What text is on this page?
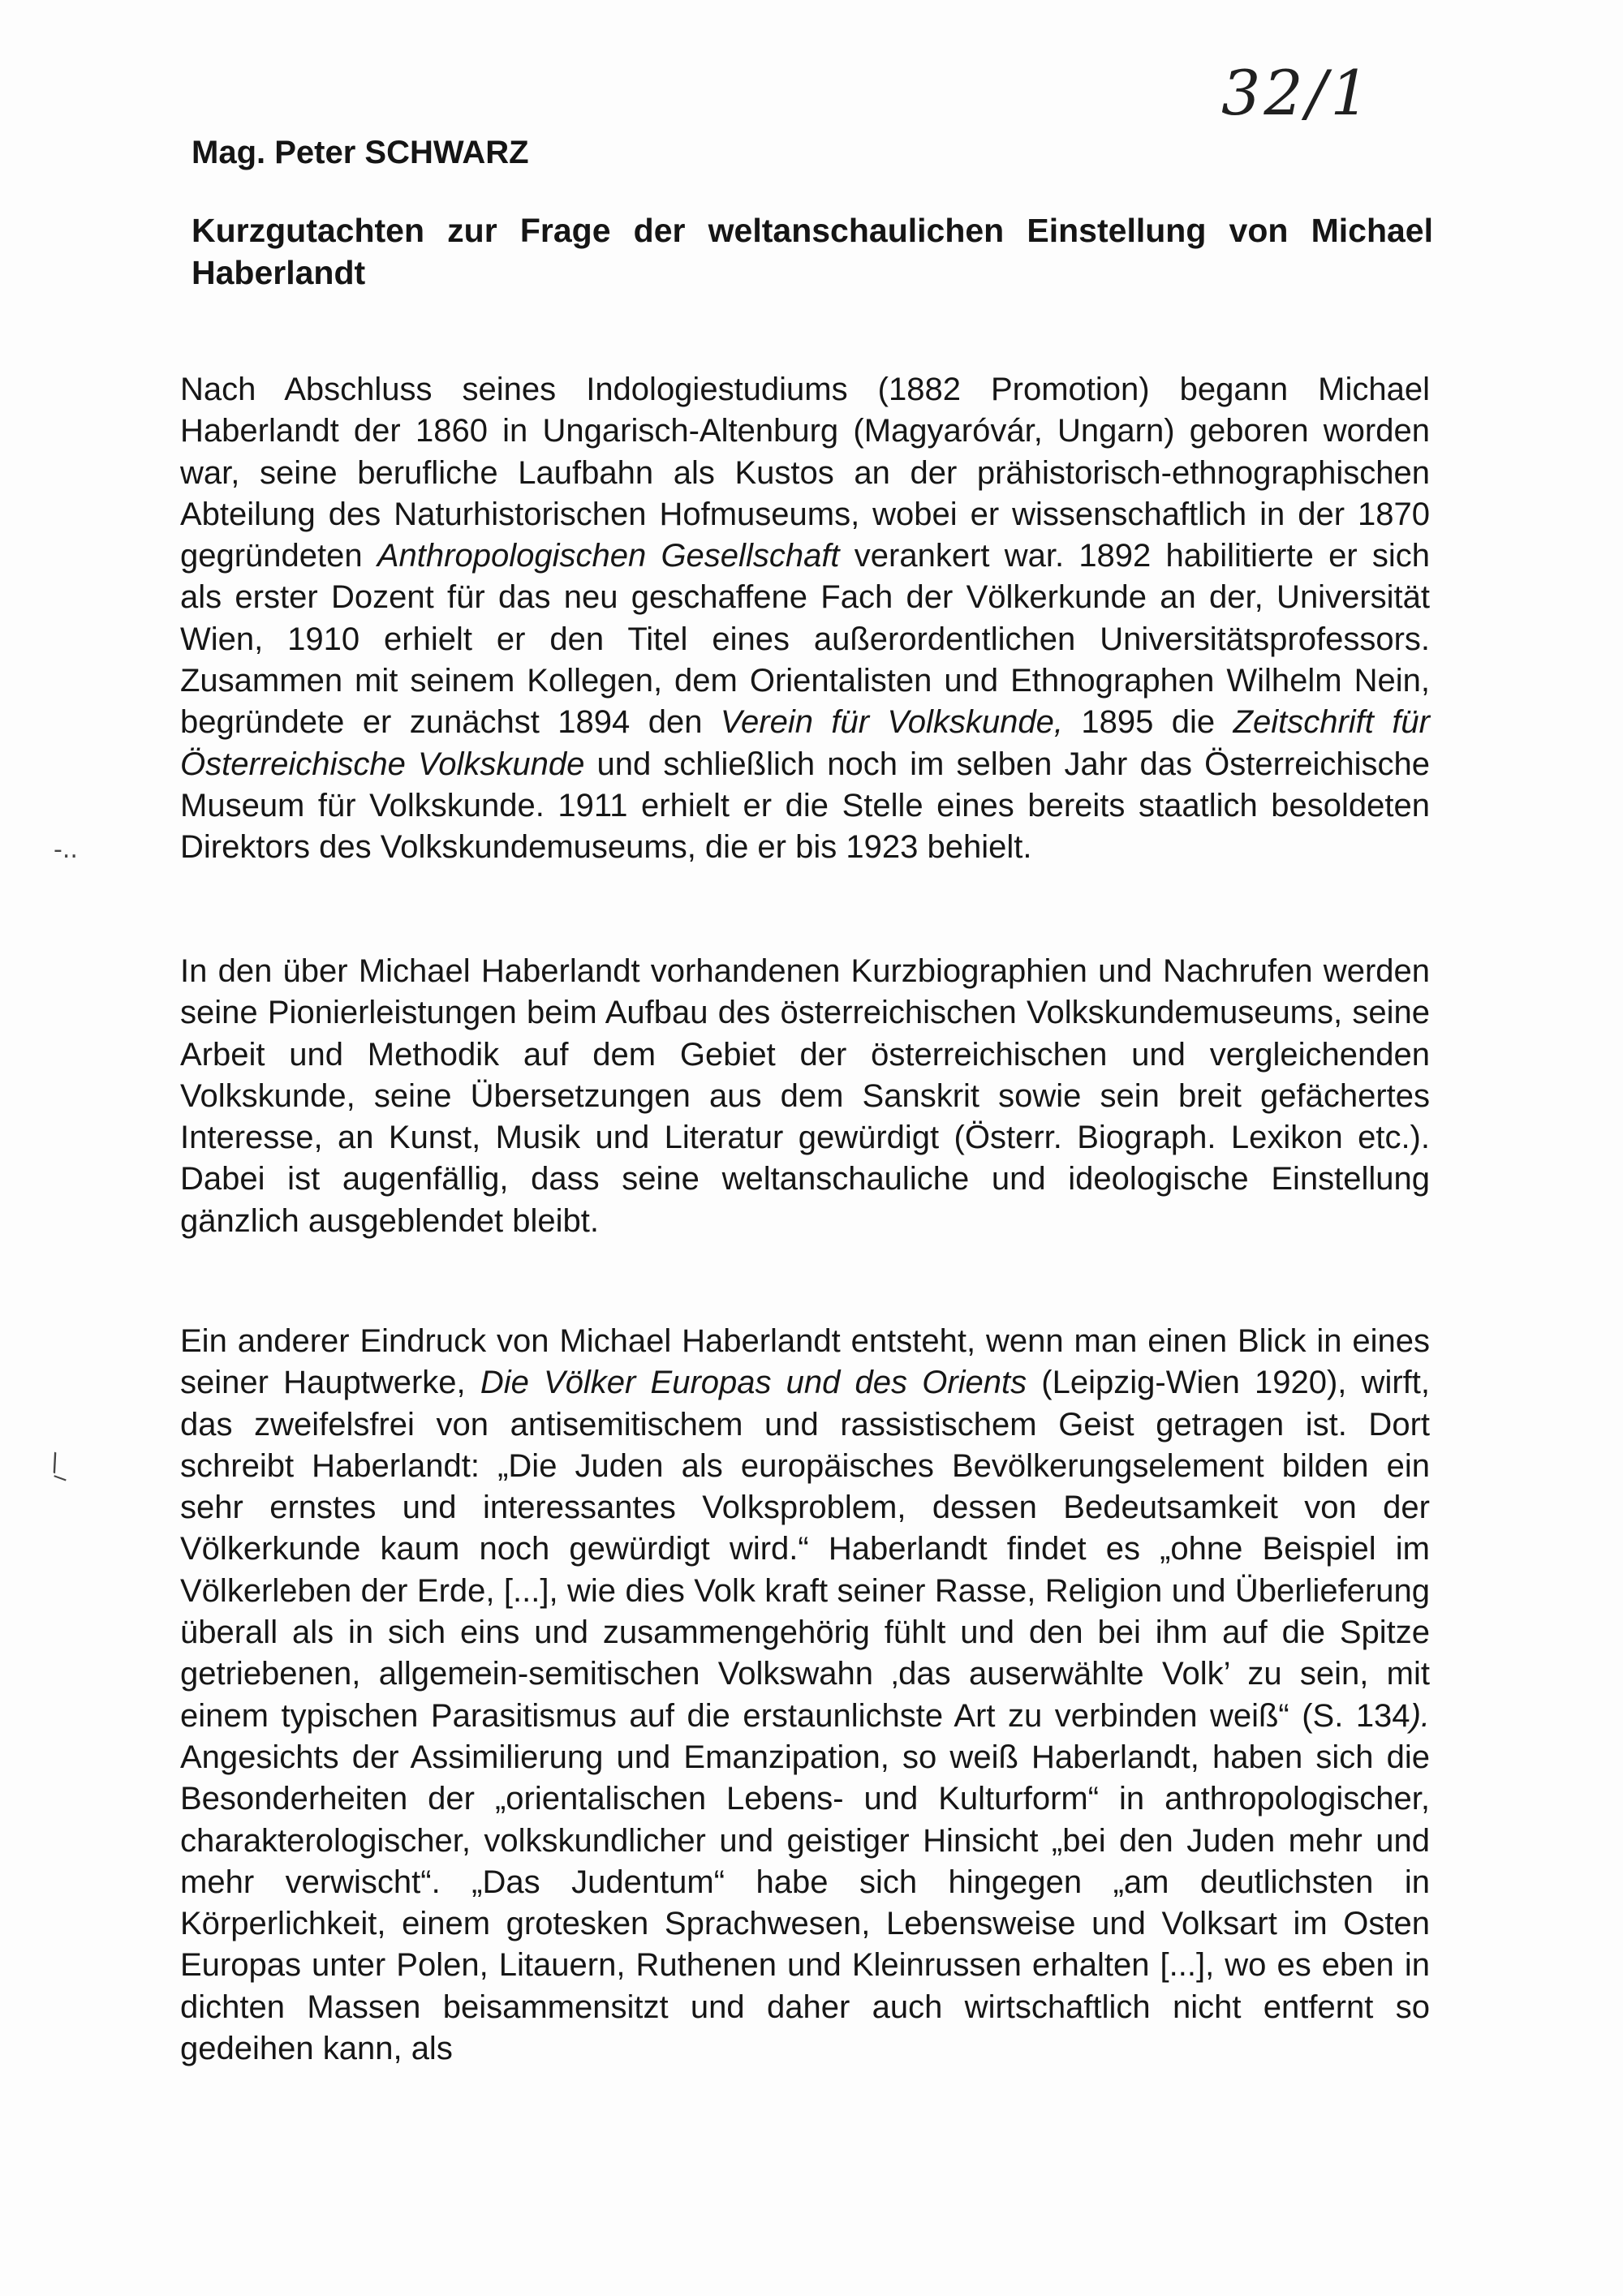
32/1
Mag. Peter SCHWARZ
Kurzgutachten zur Frage der weltanschaulichen Einstellung von Michael Haberlandt
-..
\_

Nach Abschluss seines Indologiestudiums (1882 Promotion) begann Michael Haberlandt der 1860 in Ungarisch-Altenburg (Magyaróvár, Ungarn) geboren worden war, seine berufliche Laufbahn als Kustos an der prähistorisch-ethnographischen Abteilung des Naturhistorischen Hofmuseums, wobei er wissenschaftlich in der 1870 gegründeten Anthropologischen Gesellschaft verankert war. 1892 habilitierte er sich als erster Dozent für das neu geschaffene Fach der Völkerkunde an der, Universität Wien, 1910 erhielt er den Titel eines außerordentlichen Universitätsprofessors. Zusammen mit seinem Kollegen, dem Orientalisten und Ethnographen Wilhelm Nein, begründete er zunächst 1894 den Verein für Volkskunde, 1895 die Zeitschrift für Österreichische Volkskunde und schließlich noch im selben Jahr das Österreichische Museum für Volkskunde. 1911 erhielt er die Stelle eines bereits staatlich besoldeten Direktors des Volkskundemuseums, die er bis 1923 behielt.

In den über Michael Haberlandt vorhandenen Kurzbiographien und Nachrufen werden seine Pionierleistungen beim Aufbau des österreichischen Volkskundemuseums, seine Arbeit und Methodik auf dem Gebiet der österreichischen und vergleichenden Volkskunde, seine Übersetzungen aus dem Sanskrit sowie sein breit gefächertes Interesse, an Kunst, Musik und Literatur gewürdigt (Österr. Biograph. Lexikon etc.). Dabei ist augenfällig, dass seine weltanschauliche und ideologische Einstellung gänzlich ausgeblendet bleibt.

Ein anderer Eindruck von Michael Haberlandt entsteht, wenn man einen Blick in eines seiner Hauptwerke, Die Völker Europas und des Orients (Leipzig-Wien 1920), wirft, das zweifelsfrei von antisemitischem und rassistischem Geist getragen ist. Dort schreibt Haberlandt: „Die Juden als europäisches Bevölkerungselement bilden ein sehr ernstes und interessantes Volksproblem, dessen Bedeutsamkeit von der Völkerkunde kaum noch gewürdigt wird.“ Haberlandt findet es „ohne Beispiel im Völkerleben der Erde, [...], wie dies Volk kraft seiner Rasse, Religion und Überlieferung überall als in sich eins und zusammengehörig fühlt und den bei ihm auf die Spitze getriebenen, allgemein-semitischen Volkswahn ‚das auserwählte Volk’ zu sein, mit einem typischen Parasitismus auf die erstaunlichste Art zu verbinden weiß“ (S. 134). Angesichts der Assimilierung und Emanzipation, so weiß Haberlandt, haben sich die Besonderheiten der „orientalischen Lebens- und Kulturform“ in anthropologischer, charakterologischer, volkskundlicher und geistiger Hinsicht „bei den Juden mehr und mehr verwischt“. „Das Judentum“ habe sich hingegen „am deutlichsten in Körperlichkeit, einem grotesken Sprachwesen, Lebensweise und Volksart im Osten Europas unter Polen, Litauern, Ruthenen und Kleinrussen erhalten [...], wo es eben in dichten Massen beisammensitzt und daher auch wirtschaftlich nicht entfernt so gedeihen kann, als
